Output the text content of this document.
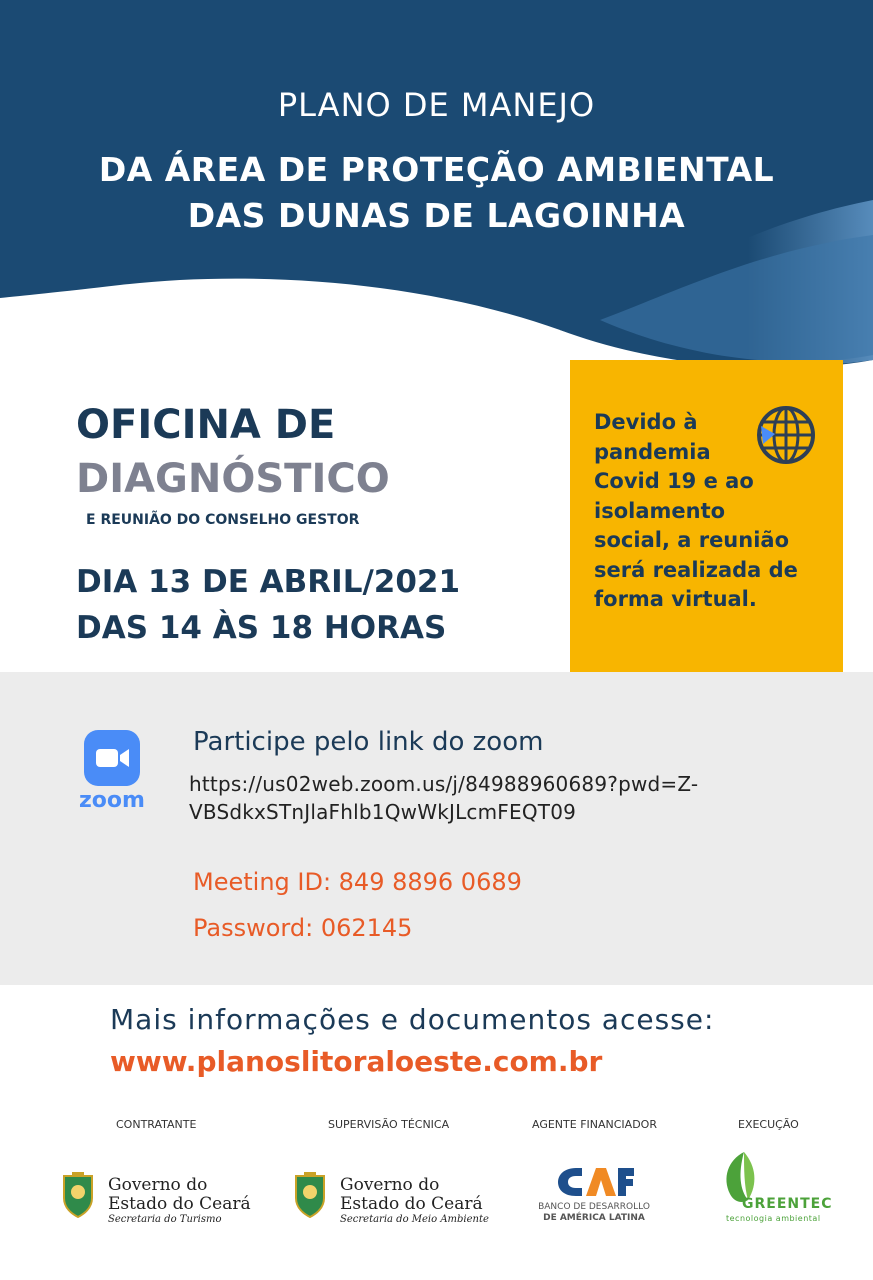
PLANO DE MANEJO
DA ÁREA DE PROTEÇÃO AMBIENTAL
DAS DUNAS DE LAGOINHA
OFICINA DE
DIAGNÓSTICO
E REUNIÃO DO CONSELHO GESTOR
DIA 13 DE ABRIL/2021
DAS 14 ÀS 18 HORAS
Devido à
pandemia
Covid 19 e ao
isolamento
social, a reunião
será realizada de
forma virtual.
zoom
Participe pelo link do zoom
https://us02web.zoom.us/j/84988960689?pwd=Z-
VBSdkxSTnJlaFhlb1QwWkJLcmFEQT09
Meeting ID: 849 8896 0689
Password: 062145
Mais informações e documentos acesse:
www.planoslitoraloeste.com.br
CONTRATANTE	SUPERVISÃO TÉCNICA	AGENTE FINANCIADOR	EXECUÇÃO
Governo do
Estado do Ceará
Secretaria do Turismo
Governo do
Estado do Ceará
Secretaria do Meio Ambiente
BANCO DE DESARROLLO
DE AMÉRICA LATINA
GREENTEC
tecnologia ambiental
